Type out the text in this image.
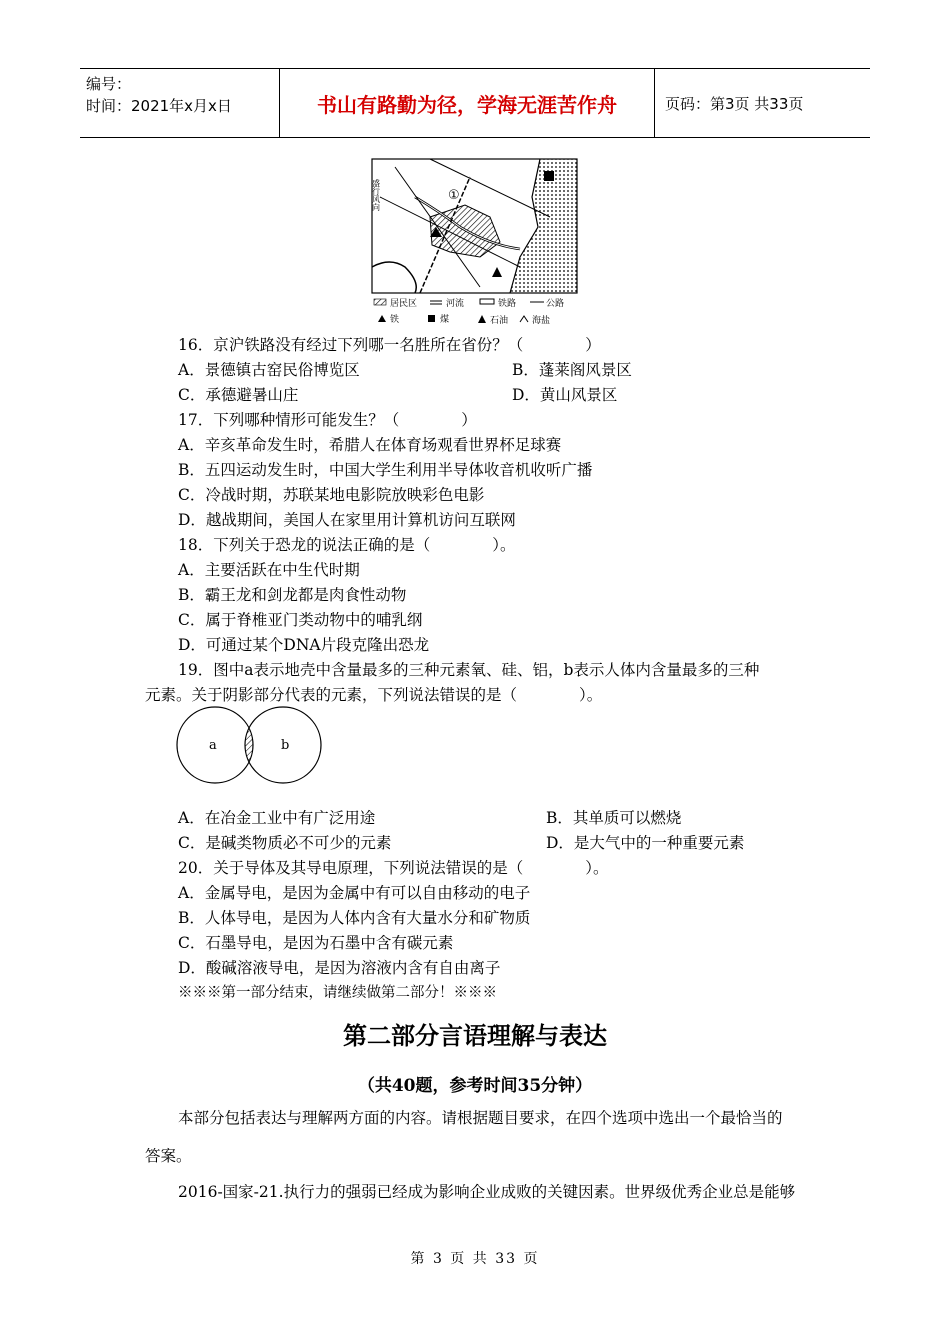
编号：
时间：2021年x月x日	书山有路勤为径，学海无涯苦作舟	页码：第3页 共33页
①
盛行风向
居民区	河流	铁路	公路
铁	煤	石油	海盐
16．京沪铁路没有经过下列哪一名胜所在省份？（　　　　）
A．景德镇古窑民俗博览区	B．蓬莱阁风景区
C．承德避暑山庄	D．黄山风景区
17．下列哪种情形可能发生？（　　　　）
A．辛亥革命发生时，希腊人在体育场观看世界杯足球赛
B．五四运动发生时，中国大学生利用半导体收音机收听广播
C．冷战时期，苏联某地电影院放映彩色电影
D．越战期间，美国人在家里用计算机访问互联网
18．下列关于恐龙的说法正确的是（　　　　）。
A．主要活跃在中生代时期
B．霸王龙和剑龙都是肉食性动物
C．属于脊椎亚门类动物中的哺乳纲
D．可通过某个DNA片段克隆出恐龙
19．图中a表示地壳中含量最多的三种元素氧、硅、铝，b表示人体内含量最多的三种
元素。关于阴影部分代表的元素，下列说法错误的是（　　　　）。
a	b
A．在冶金工业中有广泛用途	B．其单质可以燃烧
C．是碱类物质必不可少的元素	D．是大气中的一种重要元素
20．关于导体及其导电原理，下列说法错误的是（　　　　）。
A．金属导电，是因为金属中有可以自由移动的电子
B．人体导电，是因为人体内含有大量水分和矿物质
C．石墨导电，是因为石墨中含有碳元素
D．酸碱溶液导电，是因为溶液内含有自由离子
※※※第一部分结束，请继续做第二部分！※※※
第二部分言语理解与表达
（共40题，参考时间35分钟）
本部分包括表达与理解两方面的内容。请根据题目要求，在四个选项中选出一个最恰当的
答案。
2016-国家-21.执行力的强弱已经成为影响企业成败的关键因素。世界级优秀企业总是能够
第 3 页 共 33 页
